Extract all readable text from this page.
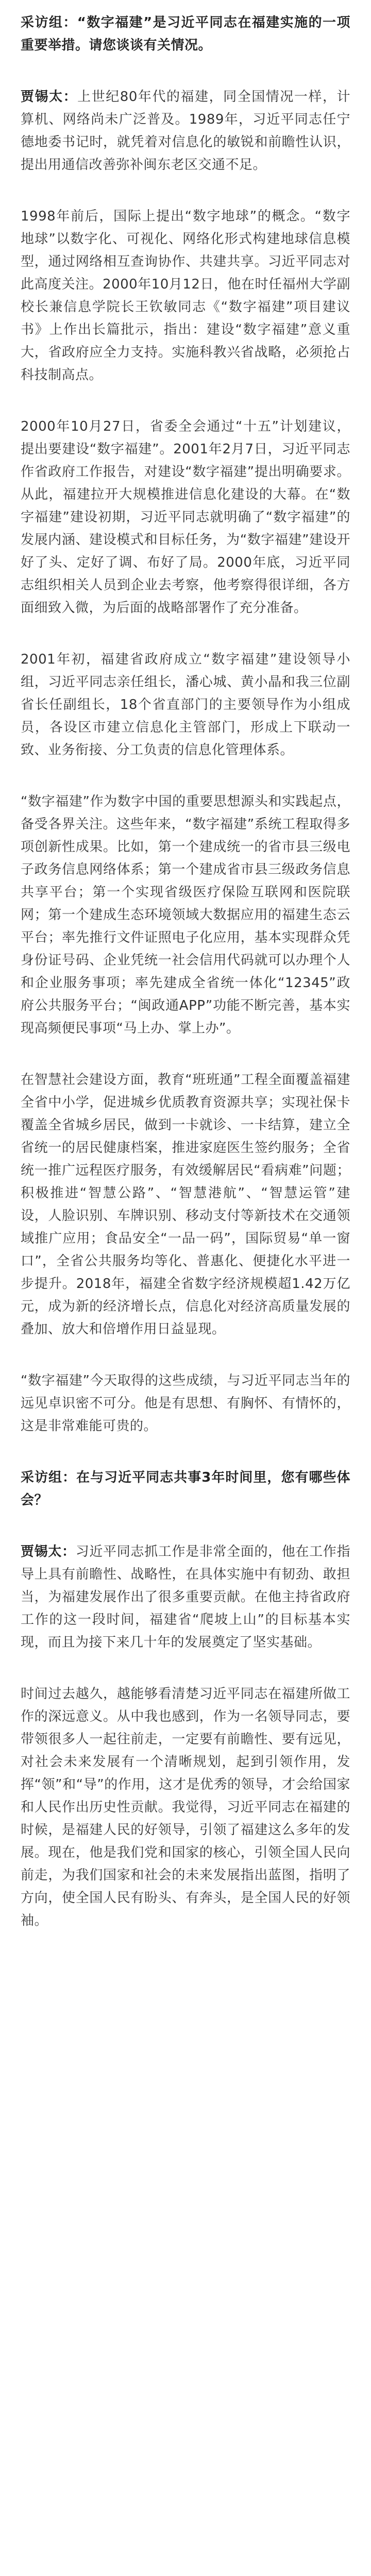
采访组：“数字福建”是习近平同志在福建实施的一项重要举措。请您谈谈有关情况。

贾锡太：上世纪80年代的福建，同全国情况一样，计算机、网络尚未广泛普及。1989年，习近平同志任宁德地委书记时，就凭着对信息化的敏锐和前瞻性认识，提出用通信改善弥补闽东老区交通不足。

1998年前后，国际上提出“数字地球”的概念。“数字地球”以数字化、可视化、网络化形式构建地球信息模型，通过网络相互查询协作、共建共享。习近平同志对此高度关注。2000年10月12日，他在时任福州大学副校长兼信息学院长王钦敏同志《“数字福建”项目建议书》上作出长篇批示，指出：建设“数字福建”意义重大，省政府应全力支持。实施科教兴省战略，必须抢占科技制高点。

2000年10月27日，省委全会通过“十五”计划建议，提出要建设“数字福建”。2001年2月7日，习近平同志作省政府工作报告，对建设“数字福建”提出明确要求。从此，福建拉开大规模推进信息化建设的大幕。在“数字福建”建设初期，习近平同志就明确了“数字福建”的发展内涵、建设模式和目标任务，为“数字福建”建设开好了头、定好了调、布好了局。2000年底，习近平同志组织相关人员到企业去考察，他考察得很详细，各方面细致入微，为后面的战略部署作了充分准备。

2001年初，福建省政府成立“数字福建”建设领导小组，习近平同志亲任组长，潘心城、黄小晶和我三位副省长任副组长，18个省直部门的主要领导作为小组成员，各设区市建立信息化主管部门，形成上下联动一致、业务衔接、分工负责的信息化管理体系。

“数字福建”作为数字中国的重要思想源头和实践起点，备受各界关注。这些年来，“数字福建”系统工程取得多项创新性成果。比如，第一个建成统一的省市县三级电子政务信息网络体系；第一个建成省市县三级政务信息共享平台；第一个实现省级医疗保险互联网和医院联网；第一个建成生态环境领域大数据应用的福建生态云平台；率先推行文件证照电子化应用，基本实现群众凭身份证号码、企业凭统一社会信用代码就可以办理个人和企业服务事项；率先建成全省统一体化“12345”政府公共服务平台；“闽政通APP”功能不断完善，基本实现高频便民事项“马上办、掌上办”。

在智慧社会建设方面，教育“班班通”工程全面覆盖福建全省中小学，促进城乡优质教育资源共享；实现社保卡覆盖全省城乡居民，做到一卡就诊、一卡结算，建立全省统一的居民健康档案，推进家庭医生签约服务；全省统一推广远程医疗服务，有效缓解居民“看病难”问题；积极推进“智慧公路”、“智慧港航”、“智慧运管”建设，人脸识别、车牌识别、移动支付等新技术在交通领域推广应用；食品安全“一品一码”，国际贸易“单一窗口”，全省公共服务均等化、普惠化、便捷化水平进一步提升。2018年，福建全省数字经济规模超1.42万亿元，成为新的经济增长点，信息化对经济高质量发展的叠加、放大和倍增作用日益显现。

“数字福建”今天取得的这些成绩，与习近平同志当年的远见卓识密不可分。他是有思想、有胸怀、有情怀的，这是非常难能可贵的。

采访组：在与习近平同志共事3年时间里，您有哪些体会？

贾锡太：习近平同志抓工作是非常全面的，他在工作指导上具有前瞻性、战略性，在具体实施中有韧劲、敢担当，为福建发展作出了很多重要贡献。在他主持省政府工作的这一段时间，福建省“爬坡上山”的目标基本实现，而且为接下来几十年的发展奠定了坚实基础。

时间过去越久，越能够看清楚习近平同志在福建所做工作的深远意义。从中我也感到，作为一名领导同志，要带领很多人一起往前走，一定要有前瞻性、要有远见，对社会未来发展有一个清晰规划，起到引领作用，发挥“领”和“导”的作用，这才是优秀的领导，才会给国家和人民作出历史性贡献。我觉得，习近平同志在福建的时候，是福建人民的好领导，引领了福建这么多年的发展。现在，他是我们党和国家的核心，引领全国人民向前走，为我们国家和社会的未来发展指出蓝图，指明了方向，使全国人民有盼头、有奔头，是全国人民的好领袖。
